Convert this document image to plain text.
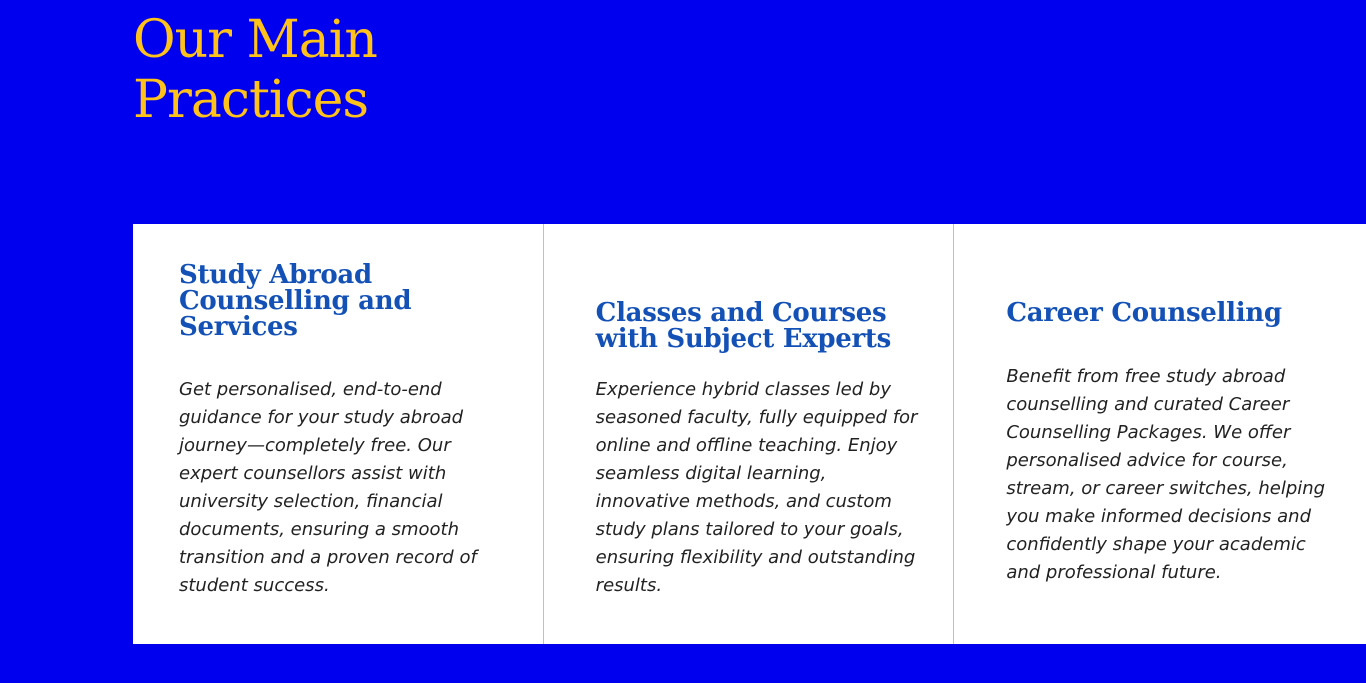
Our Main Practices
Study Abroad Counselling and Services

Get personalised, end-to-end guidance for your study abroad journey—completely free. Our expert counsellors assist with university selection, financial documents, ensuring a smooth transition and a proven record of student success.

Classes and Courses with Subject Experts

Experience hybrid classes led by seasoned faculty, fully equipped for online and offline teaching. Enjoy seamless digital learning, innovative methods, and custom study plans tailored to your goals, ensuring flexibility and outstanding results.

Career Counselling

Benefit from free study abroad counselling and curated Career Counselling Packages. We offer personalised advice for course, stream, or career switches, helping you make informed decisions and confidently shape your academic and professional future.
